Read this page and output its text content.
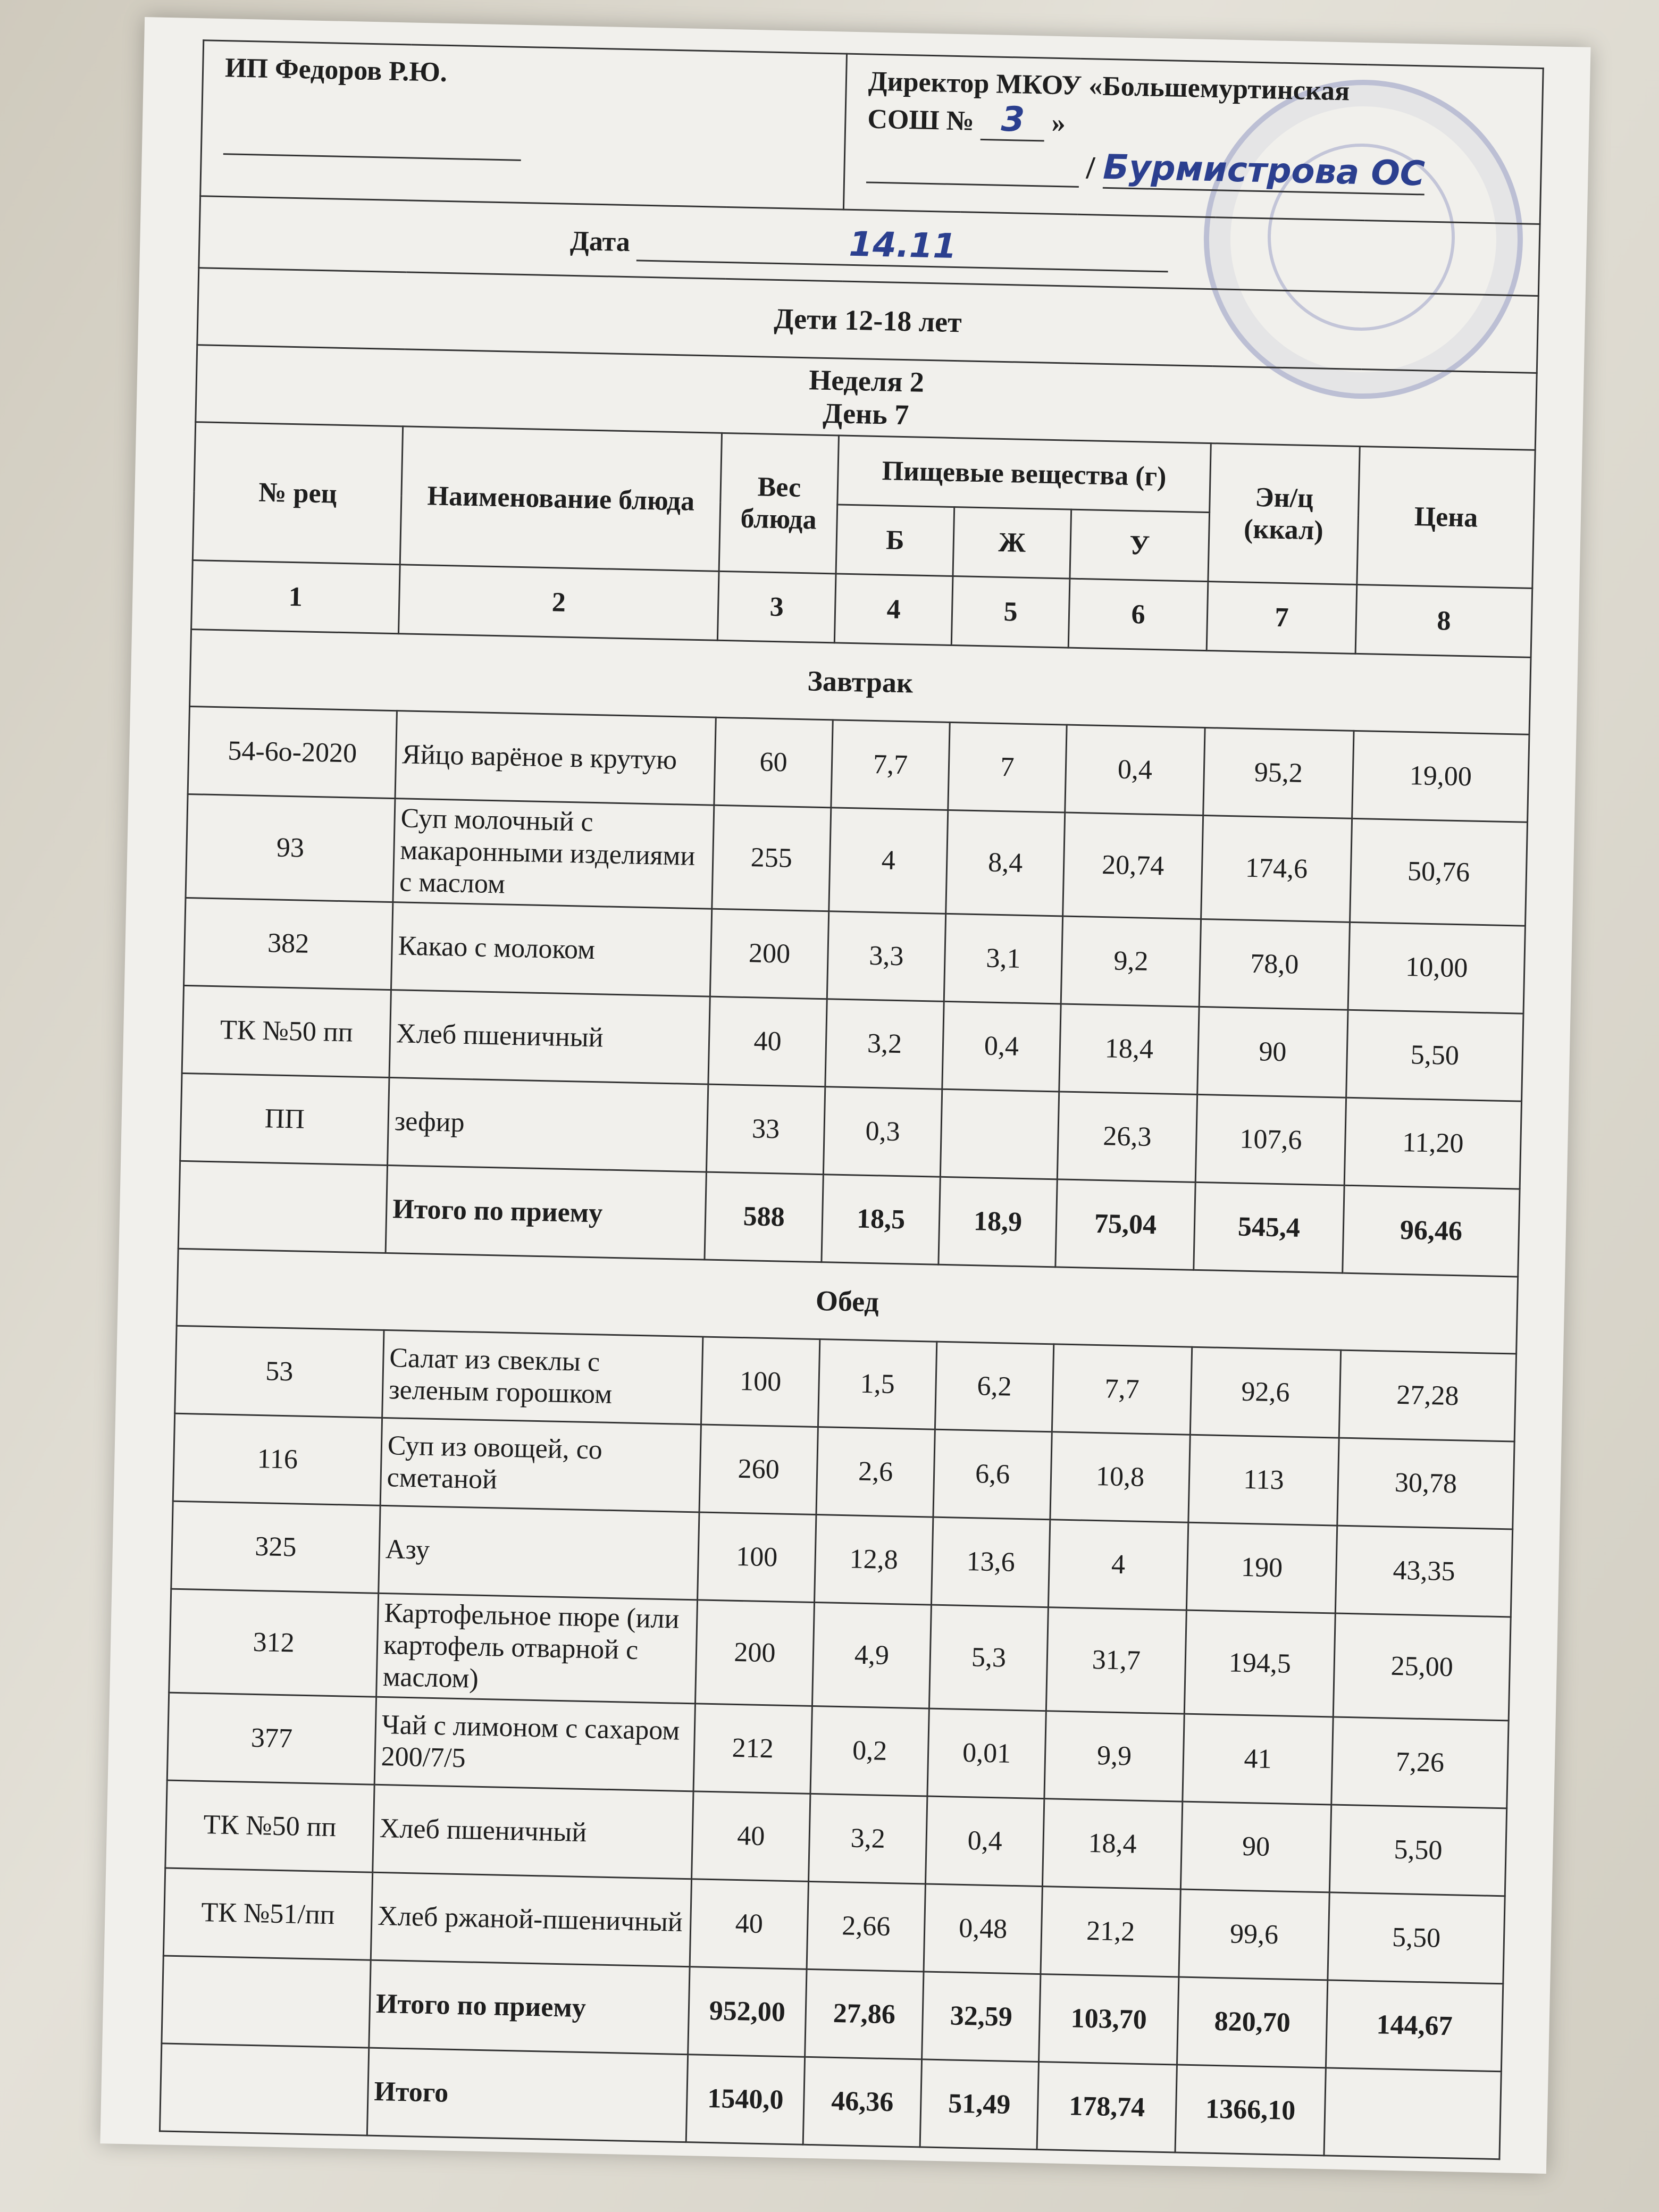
ИП Федоров Р.Ю.			Директор МКОУ «Большемуртинская
СОШ № 3 »
/ Бурмистрова ОС				

Дата 14.11							
Дети 12-18 лет							

Неделя 2
День 7							

№ рец	Наименование блюда	Вес блюда	Пищевые вещества (г)			Эн/ц (ккал)	Цена
			Б	Ж	У		
1	2	3	4	5	6	7	8
Завтрак							
54-6о-2020	Яйцо варёное в крутую	60	7,7	7	0,4	95,2	19,00
93	Суп молочный с макаронными изделиями с маслом	255	4	8,4	20,74	174,6	50,76
382	Какао с молоком	200	3,3	3,1	9,2	78,0	10,00
ТК №50 пп	Хлеб пшеничный	40	3,2	0,4	18,4	90	5,50
ПП	зефир	33	0,3		26,3	107,6	11,20
	Итого по приему	588	18,5	18,9	75,04	545,4	96,46
Обед							
53	Салат из свеклы с зеленым горошком	100	1,5	6,2	7,7	92,6	27,28
116	Суп из овощей, со сметаной	260	2,6	6,6	10,8	113	30,78
325	Азу	100	12,8	13,6	4	190	43,35
312	Картофельное пюре (или картофель отварной с маслом)	200	4,9	5,3	31,7	194,5	25,00
377	Чай с лимоном с сахаром 200/7/5	212	0,2	0,01	9,9	41	7,26
ТК №50 пп	Хлеб пшеничный	40	3,2	0,4	18,4	90	5,50
ТК №51/пп	Хлеб ржаной-пшеничный	40	2,66	0,48	21,2	99,6	5,50
	Итого по приему	952,00	27,86	32,59	103,70	820,70	144,67
	Итого	1540,0	46,36	51,49	178,74	1366,10	
